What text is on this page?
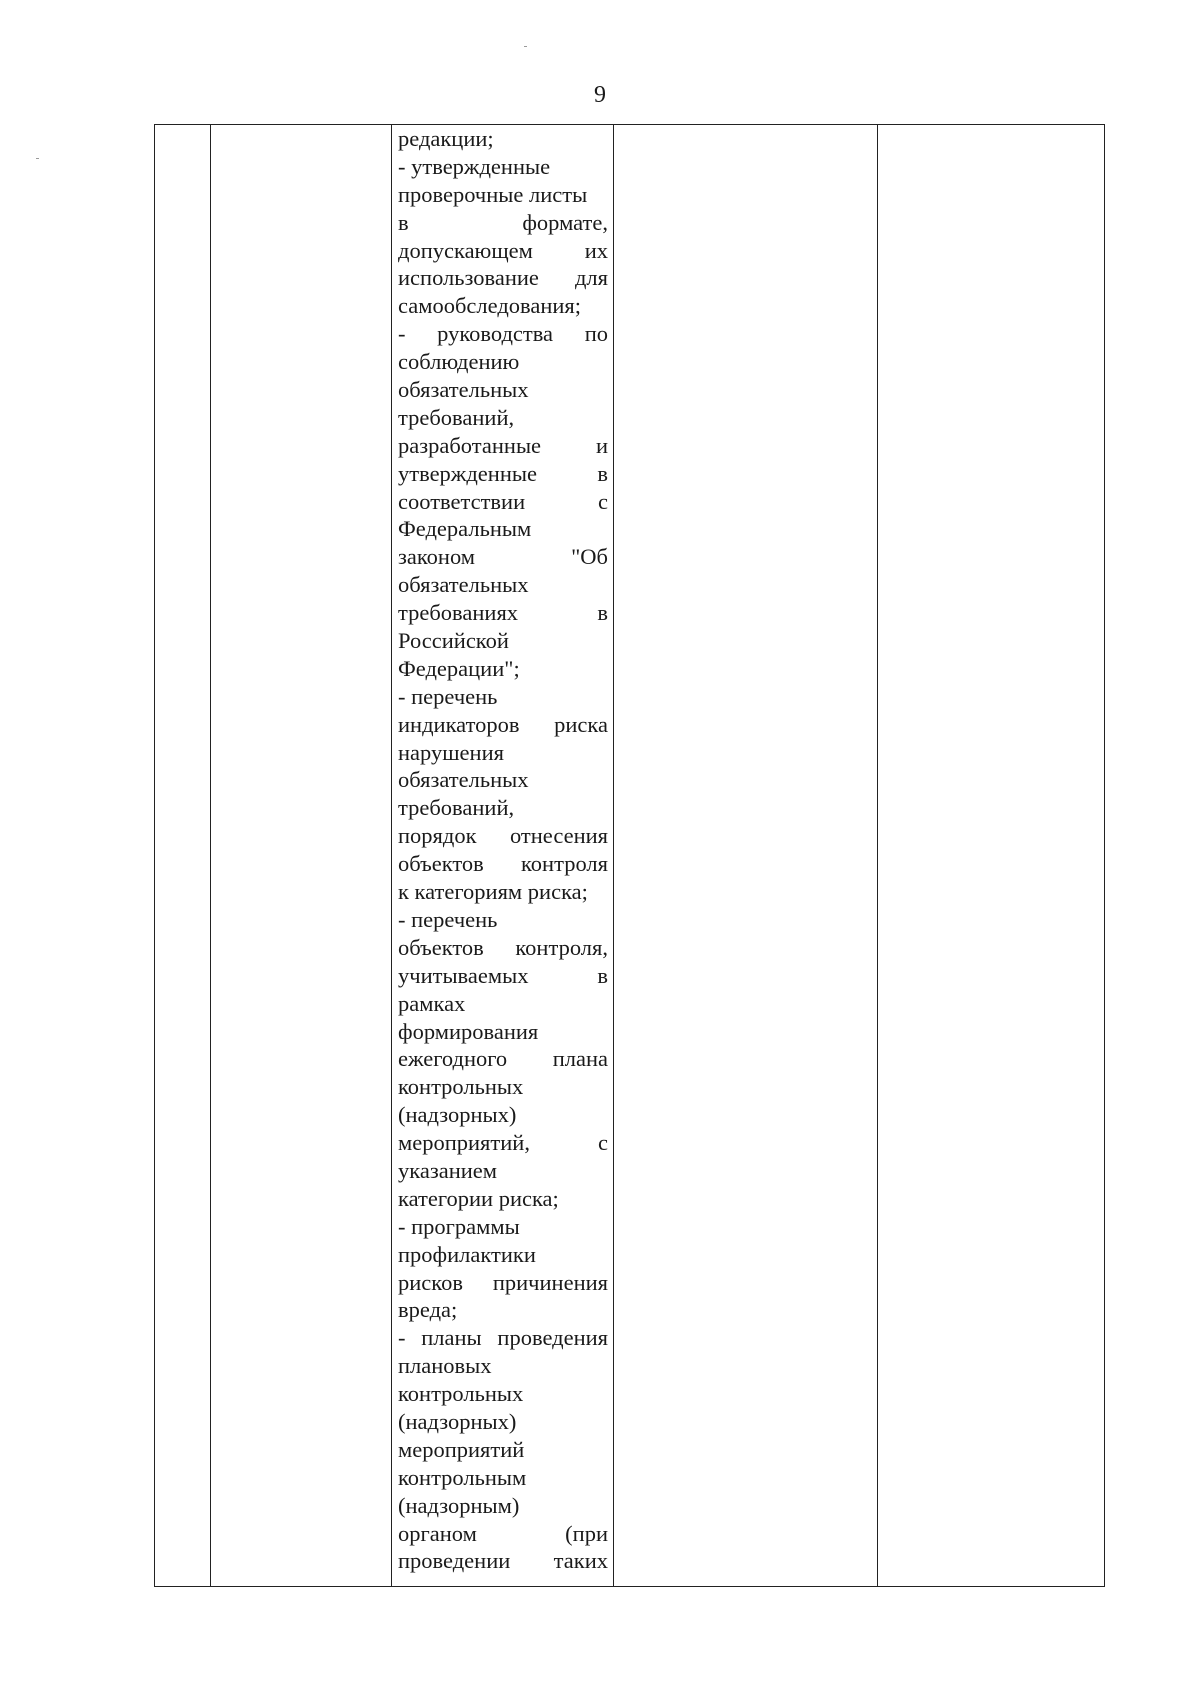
9
редакции;
- утвержденные
проверочные листы
в формате,
допускающем их
использование для
самообследования;
- руководства по
соблюдению
обязательных
требований,
разработанные и
утвержденные в
соответствии с
Федеральным
законом "Об
обязательных
требованиях в
Российской
Федерации";
- перечень
индикаторов риска
нарушения
обязательных
требований,
порядок отнесения
объектов контроля
к категориям риска;
- перечень
объектов контроля,
учитываемых в
рамках
формирования
ежегодного плана
контрольных
(надзорных)
мероприятий, с
указанием
категории риска;
- программы
профилактики
рисков причинения
вреда;
- планы проведения
плановых
контрольных
(надзорных)
мероприятий
контрольным
(надзорным)
органом (при
проведении таких
